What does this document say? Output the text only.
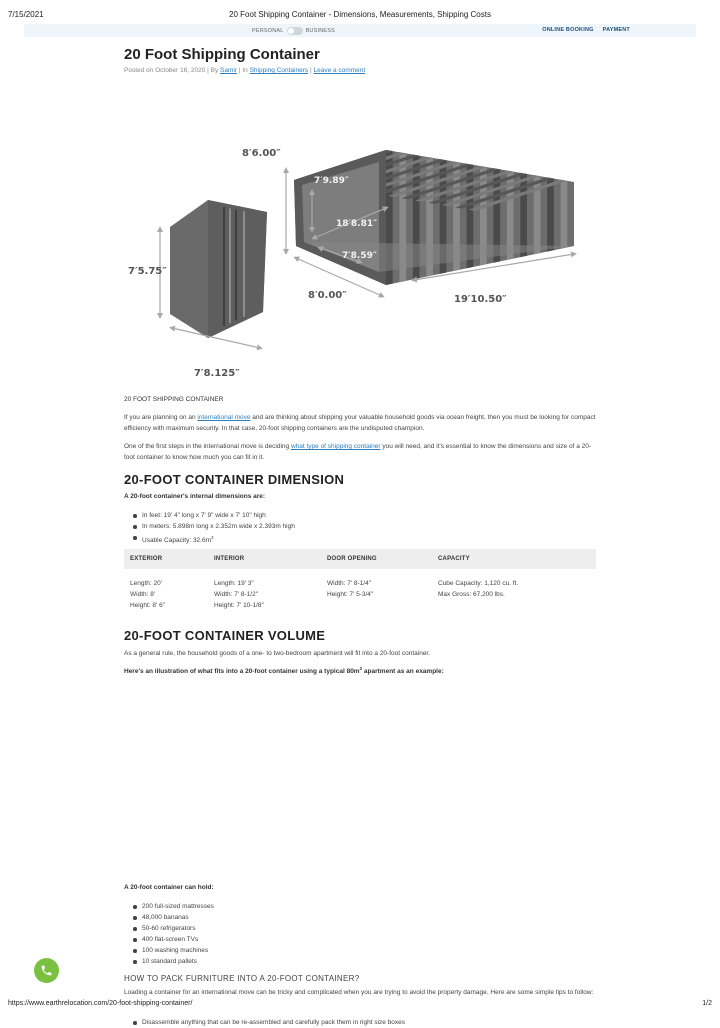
7/15/2021	20 Foot Shipping Container - Dimensions, Measurements, Shipping Costs
PERSONAL	BUSINESS	ONLINE BOOKING PAYMENT
20 Foot Shipping Container
Posted on October 16, 2020 | By Samir | In Shipping Containers | Leave a comment
8′6.00″
7′9.89″
18′8.81″
7′8.59″
8′0.00″	19′10.50″
7′5.75″
7′8.125″
20 FOOT SHIPPING CONTAINER

If you are planning on an international move and are thinking about shipping your valuable household goods via ocean freight, then you must be looking for compact efficiency with maximum security. In that case, 20-foot shipping containers are the undisputed champion.

One of the first steps in the international move is deciding what type of shipping container you will need, and it's essential to know the dimensions and size of a 20-foot container to know how much you can fit in it.

20-FOOT CONTAINER DIMENSION
A 20-foot container's internal dimensions are:
In feet: 19' 4" long x 7' 9" wide x 7' 10" high
In meters: 5.898m long x 2.352m wide x 2.393m high
Usable Capacity: $32.6m^3$
EXTERIOR	INTERIOR	DOOR OPENING	CAPACITY
Length: 20'	Length: 19' 3"	Width: 7' 8-1/4"	Cube Capacity: 1,120 cu. ft.
Width: 8'	Width: 7' 8-1/2"	Height: 7' 5-3/4"	Max Gross: 67,200 lbs.
Height: 8' 6"	Height: 7' 10-1/8"		
20-FOOT CONTAINER VOLUME

As a general rule, the household goods of a one- to two-bedroom apartment will fit into a 20-foot container.

Here's an illustration of what fits into a 20-foot container using a typical $80m^2$ apartment as an example:
A 20-foot container can hold:
200 full-sized mattresses
48,000 bananas
50-60 refrigerators
400 flat-screen TVs
100 washing machines
10 standard pallets
HOW TO PACK FURNITURE INTO A 20-FOOT CONTAINER?

Loading a container for an international move can be tricky and complicated when you are trying to avoid the property damage. Here are some simple tips to follow:

Disassemble anything that can be re-assembled and carefully pack them in right size boxes
https://www.earthrelocation.com/20-foot-shipping-container/	1/2
